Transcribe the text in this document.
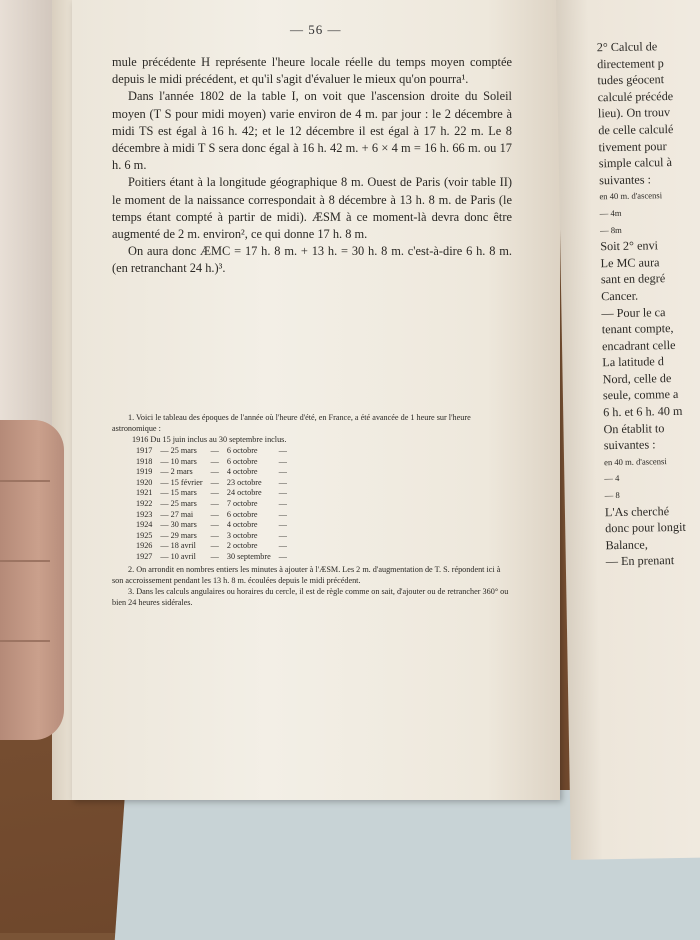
— 56 —

mule précédente H représente l'heure locale réelle du temps moyen comptée depuis le midi précédent, et qu'il s'agit d'évaluer le mieux qu'on pourra¹.

Dans l'année 1802 de la table I, on voit que l'ascension droite du Soleil moyen (T S pour midi moyen) varie environ de 4 m. par jour : le 2 décembre à midi TS est égal à 16 h. 42; et le 12 décembre il est égal à 17 h. 22 m. Le 8 décembre à midi T S sera donc égal à 16 h. 42 m. + 6 × 4 m = 16 h. 66 m. ou 17 h. 6 m.

Poitiers étant à la longitude géographique 8 m. Ouest de Paris (voir table II) le moment de la naissance correspondait à 8 décembre à 13 h. 8 m. de Paris (le temps étant compté à partir de midi). ÆSM à ce moment-là devra donc être augmenté de 2 m. environ², ce qui donne 17 h. 8 m.

On aura donc ÆMC = 17 h. 8 m. + 13 h. = 30 h. 8 m. c'est-à-dire 6 h. 8 m. (en retranchant 24 h.)³.

1. Voici le tableau des époques de l'année où l'heure d'été, en France, a été avancée de 1 heure sur l'heure astronomique :

1916 Du 15 juin inclus au 30 septembre inclus.

1917	— 25 mars	—	6 octobre	—
1918	— 10 mars	—	6 octobre	—
1919	— 2 mars	—	4 octobre	—
1920	— 15 février	—	23 octobre	—
1921	— 15 mars	—	24 octobre	—
1922	— 25 mars	—	7 octobre	—
1923	— 27 mai	—	6 octobre	—
1924	— 30 mars	—	4 octobre	—
1925	— 29 mars	—	3 octobre	—
1926	— 18 avril	—	2 octobre	—
1927	— 10 avril	—	30 septembre	—

2. On arrondit en nombres entiers les minutes à ajouter à l'ÆSM. Les 2 m. d'augmentation de T. S. répondent ici à son accroissement pendant les 13 h. 8 m. écoulées depuis le midi précédent.

3. Dans les calculs angulaires ou horaires du cercle, il est de règle comme on sait, d'ajouter ou de retrancher 360° ou bien 24 heures sidérales.

2° Calcul de

directement p

tudes géocent

calculé précéde

lieu). On trouv

de celle calculé

tivement pour

simple calcul à

suivantes :

en 40 m. d'ascensi

— 4m

— 8m

Soit 2° envi

Le MC aura

sant en degré

Cancer.

— Pour le ca

tenant compte,

encadrant celle

La latitude d

Nord, celle de

seule, comme a

6 h. et 6 h. 40 m

On établit to

suivantes :

en 40 m. d'ascensi

— 4

— 8

L'As cherché

donc pour longit

Balance,

— En prenant
